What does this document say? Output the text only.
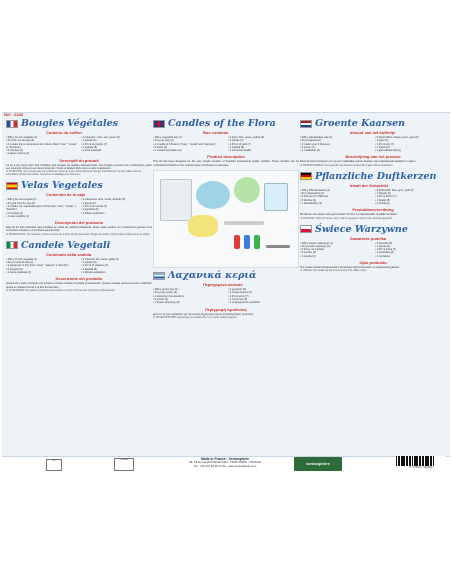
Réf : 2338
Bougies Végétales
Contenu du coffret
• 300 g de cire végétale (1)
• 60 g de cire de soja (2)
• 2 moules d'une contenance de 4 fleurs (fleur "rose", "moule" et "bambou")
• 5 mèches (3)
• 1 tasse mesure (4)
• 3 colorants : bleu, vert, jaune (5)
• 1 pipette (6)
• 1,25 ml de mèche (7)
• 1 spatule (8)
• 1 livret explicatif
Descriptif du produit
Ce kit a été conçu pour être l'initiation des bougies de qualité professionnelle. Ces bougies peuvent être multicolores, grâce aux colorants inclus et aux fleurs à décorer. Créez et laissez libre cours à votre imagination.
⚠ ATTENTION ! Ne convient pas aux enfants de moins de 3 ans. Petits éléments. Danger d'étouffement. Ne pas utiliser sans la surveillance directe d'un adulte. Conserver l'emballage pour référence.
Velas Vegetales
Contenido de la caja
• 300 g de cera vegetal (1)
• 60 g de cera de soja (2)
• 2 moldes con capacidad para 4 flores (flor "rosa", "molde" y "bambú")
• 5 mechas (3)
• 1 vaso medidor (4)
• 3 colorantes: azul, verde, amarillo (5)
• 1 pipeta (6)
• 1,25 ml de mecha (7)
• 1 espátula (8)
• 1 folleto explicativo
Descripción del producto
Este kit ha sido diseñado para iniciarse en velas de calidad profesional. Estas velas pueden ser multicolores gracias a los colorantes incluidos y a las flores para decorar.
⚠ ADVERTENCIA: No conviene a niños menores de 3 años. Piezas pequeñas. Peligro de asfixia. Utilizar bajo la vigilancia de un adulto.
Candele Vegetali
Contenuto della scatola
• 300 g di cera vegetale (1)
• 60 g di cera di soia (2)
• 2 stampi per 4 fiori (fiore "rosa", "stampo" e "bambù")
• 5 stoppini (3)
• 1 tazza graduata (4)
• 3 coloranti: blu, verde, giallo (5)
• 1 pipetta (6)
• 1,25 ml di stoppino (7)
• 1 spatola (8)
• 1 libretto esplicativo
Descrizione del prodotto
Questo kit è stato concepito per iniziare a creare candele di qualità professionale. Queste candele possono essere multicolori grazie ai coloranti inclusi e ai fiori da decorare.
⚠ ATTENZIONE: Non adatto a bambini di età inferiore a 3 anni. Piccole parti. Pericolo di soffocamento.
Candles of the Flora
Box contents
• 300 g vegetable wax (1)
• 60 g soy wax (2)
• 2 moulds of 4 flowers ("rose", "mould" and "bamboo")
• 5 wicks (3)
• 1 measuring beaker (4)
• 3 dyes: blue, green, yellow (5)
• 1 pipette (6)
• 1,25 ml of wick (7)
• 1 spatula (8)
• 1 instruction leaflet
Product description
This kit has been designed for the very simple creation of beautiful professional quality candles. These candles can be multicoloured thanks to the included dyes and flowers to decorate.
Λαχανικά κεριά
Περιεχόμενο κουτιού
• 300 g φυτικό κερί (1)
• 60 g κερί σόγιας (2)
• 2 καλούπια 4 λουλουδιών
• 5 φιτίλια (3)
• 1 δοχείο μέτρησης (4)
• 3 χρώματα (5)
• 1 σταγονόμετρο (6)
• 1,25 ml φιτίλι (7)
• 1 σπάτουλα (8)
• 1 επεξηγηματικό φυλλάδιο
Περιγραφή προϊόντος
Αυτό το κιτ έχει σχεδιαστεί για την εύκολη δημιουργία κεριών επαγγελματικής ποιότητας.
⚠ ΠΡΟΕΙΔΟΠΟΙΗΣΗ: Ακατάλληλο για παιδιά κάτω των 3 ετών. Μικρά κομμάτια.
Groente Kaarsen
Inhoud van het koffertje
• 300 g plantaardige was (1)
• 60 g sojawas (2)
• 2 mallen voor 4 bloemen
• 5 lonten (3)
• 1 maatbeker (4)
• 3 kleurstoffen: blauw, groen, geel (5)
• 1 pipet (6)
• 1,25 ml lont (7)
• 1 spatel (8)
• 1 gebruiksaanwijzing
Beschrijving van het product
Deze kit werd ontworpen om op een makkelijke manier kaarsen van professionele kwaliteit te maken.
⚠ WAARSCHUWING: Niet geschikt voor kinderen jonger dan 3 jaar. Kleine onderdelen.
Pflanzliche Duftkerzen
Inhalt der Schachtel
• 300 g Pflanzenwachs (1)
• 60 g Sojawachs (2)
• 2 Formen für 4 Blumen
• 5 Dochte (3)
• 1 Messbecher (4)
• 3 Farbstoffe: blau, grün, gelb (5)
• 1 Pipette (6)
• 1,25 ml Docht (7)
• 1 Spatel (8)
• 1 Anleitung
Produktbeschreibung
Mit diesem Set lassen sich ganz einfach Kerzen in professioneller Qualität herstellen.
⚠ ACHTUNG: Nicht für Kinder unter 3 Jahren geeignet. Kleine Teile. Erstickungsgefahr.
Świece Warzywne
Zawartość pudełka
• 300 g wosku roślinnego (1)
• 60 g wosku sojowego (2)
• 2 formy na 4 kwiaty
• 5 knotów (3)
• 1 miarka (4)
• 3 barwniki (5)
• 1 pipeta (6)
• 1,25 ml knota (7)
• 1 szpatułka (8)
• 1 instrukcja
Opis produktu
Ten zestaw został zaprojektowany do łatwego tworzenia świec o profesjonalnej jakości.
⚠ UWAGA: Nie nadaje się dla dzieci poniżej 3 lat. Małe części.
CE	TRIMAN	Made in France - Sentosphère
59, bd du Général Martial Valin - 75015 PARIS - FRANCE
Tel : +33 (0)1 40 60 72 00 - www.sentosphere.com	sentosphère
3 373910 023380
